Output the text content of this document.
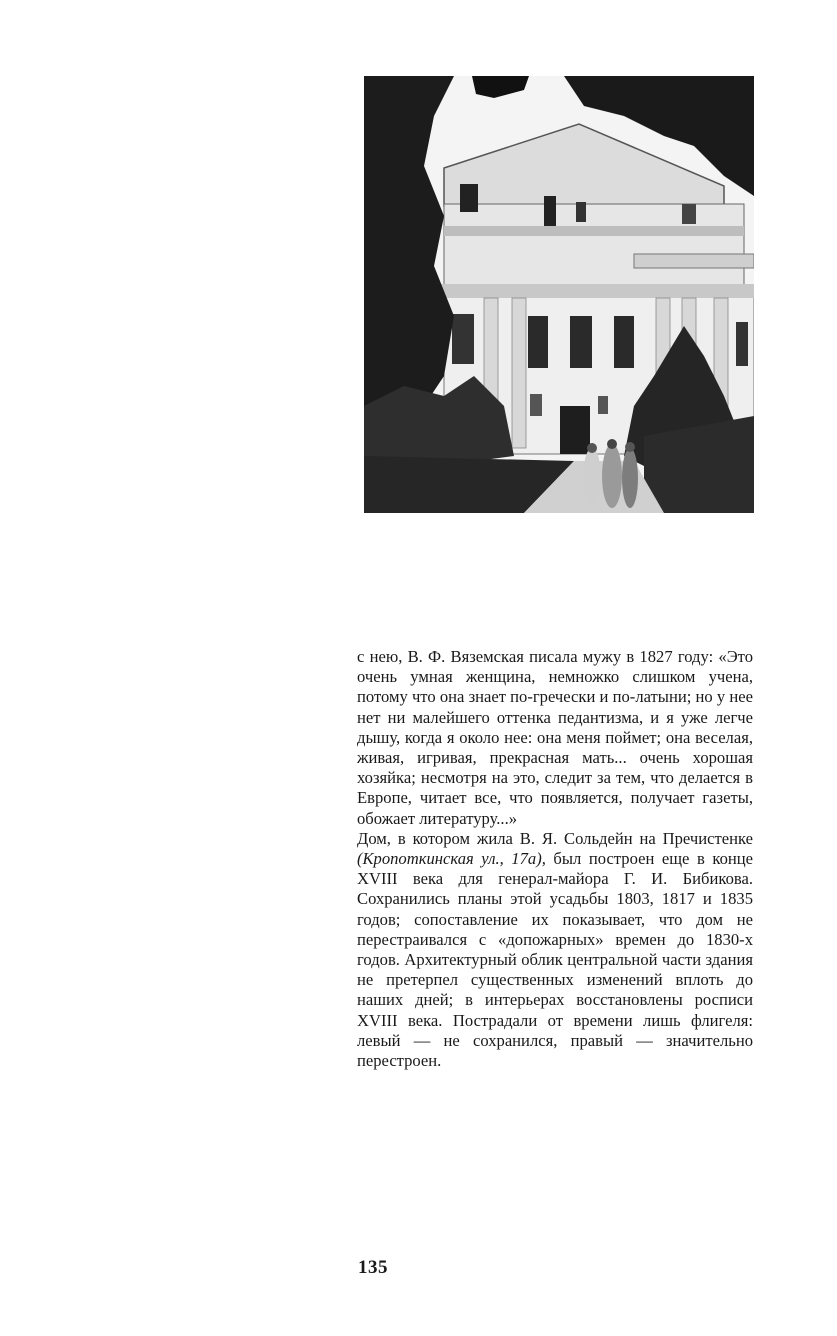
с нею, В. Ф. Вяземская писала мужу в 1827 году: «Это очень умная женщина, немножко слишком учена, потому что она знает по-гречески и по-латыни; но у нее нет ни малейшего оттенка педантизма, и я уже легче дышу, когда я около нее: она меня поймет; она веселая, живая, игривая, прекрасная мать... очень хорошая хозяйка; несмотря на это, следит за тем, что делается в Европе, читает все, что появляется, получает газеты, обожает литературу...»

Дом, в котором жила В. Я. Сольдейн на Пречистенке (Кропоткинская ул., 17а), был построен еще в конце XVIII века для генерал-майора Г. И. Бибикова. Сохранились планы этой усадьбы 1803, 1817 и 1835 годов; сопоставление их показывает, что дом не перестраивался с «допожарных» времен до 1830-х годов. Архитектурный облик центральной части здания не претерпел существенных изменений вплоть до наших дней; в интерьерах восстановлены росписи XVIII века. Пострадали от времени лишь флигеля: левый — не сохранился, правый — значительно перестроен.

135
